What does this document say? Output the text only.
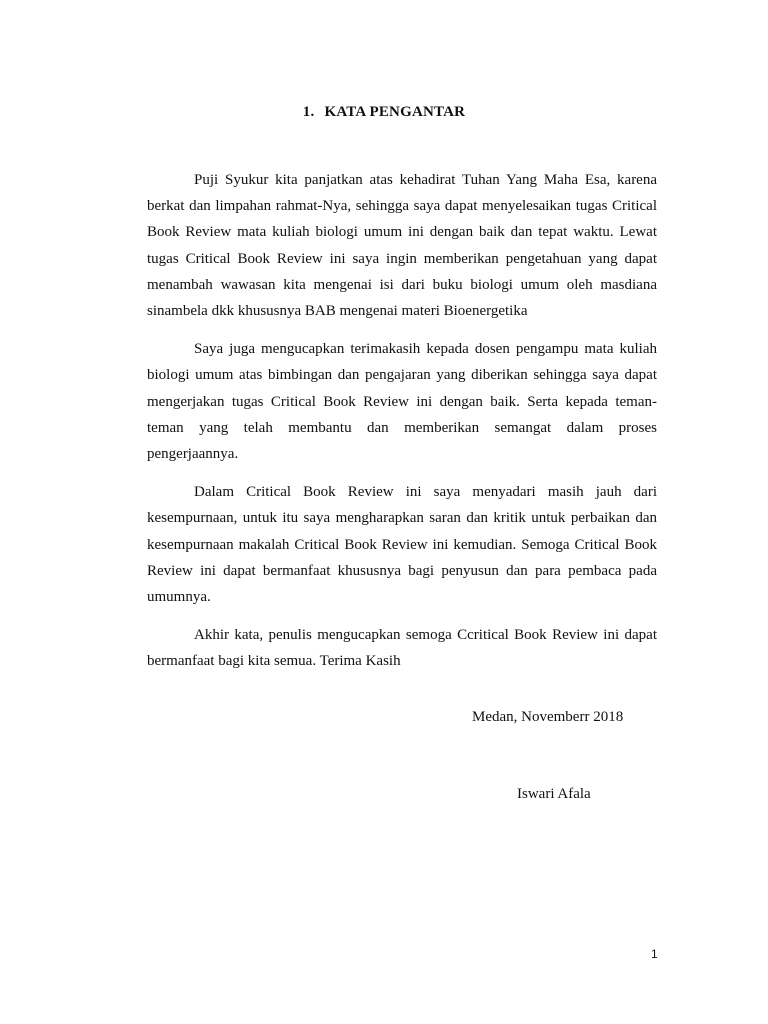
1. KATA PENGANTAR

Puji Syukur kita panjatkan atas kehadirat Tuhan Yang Maha Esa, karena berkat dan limpahan rahmat-Nya, sehingga saya dapat menyelesaikan tugas Critical Book Review mata kuliah biologi umum ini dengan baik dan tepat waktu. Lewat tugas Critical Book Review ini saya ingin memberikan pengetahuan yang dapat menambah wawasan kita mengenai isi dari buku biologi umum oleh masdiana sinambela dkk khususnya BAB mengenai materi Bioenergetika

Saya juga mengucapkan terimakasih kepada dosen pengampu mata kuliah biologi umum atas bimbingan dan pengajaran yang diberikan sehingga saya dapat mengerjakan tugas Critical Book Review ini dengan baik. Serta kepada teman-teman yang telah membantu dan memberikan semangat dalam proses pengerjaannya.

Dalam Critical Book Review ini saya menyadari masih jauh dari kesempurnaan, untuk itu saya mengharapkan saran dan kritik untuk perbaikan dan kesempurnaan makalah Critical Book Review ini kemudian. Semoga Critical Book Review ini dapat bermanfaat khususnya bagi penyusun dan para pembaca pada umumnya.

Akhir kata, penulis mengucapkan semoga Ccritical Book Review ini dapat bermanfaat bagi kita semua. Terima Kasih

Medan, Novemberr 2018
Iswari Afala
1
